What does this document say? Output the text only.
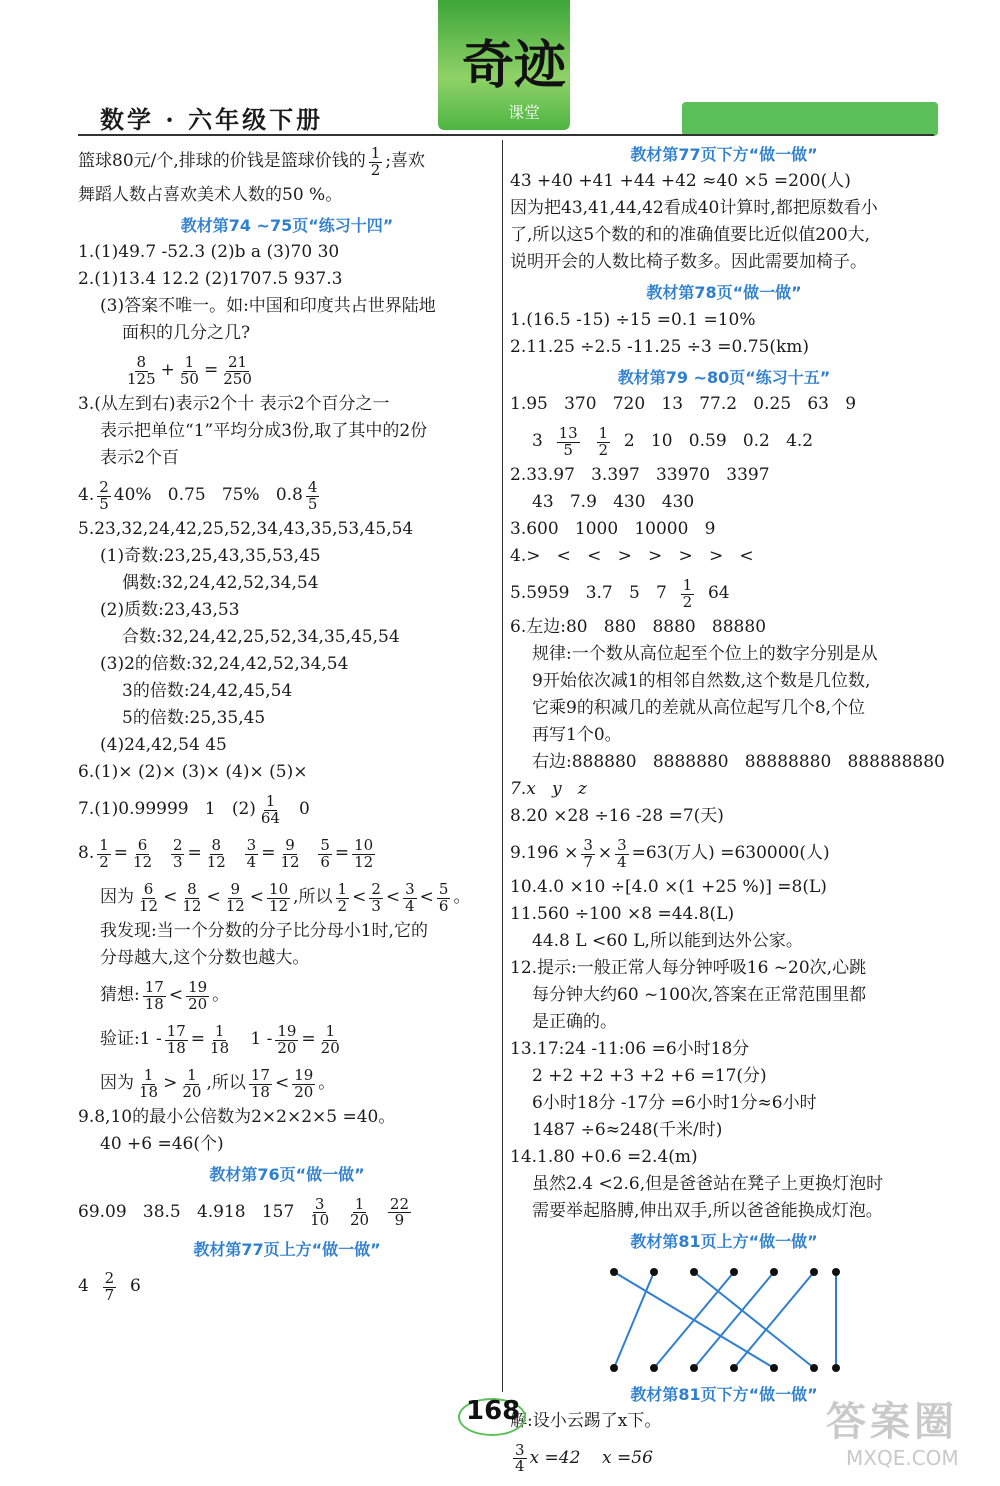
数学 · 六年级下册
奇迹
课堂
篮球80元/个,排球的价钱是篮球价钱的 1
2 ;喜欢
舞蹈人数占喜欢美术人数的50 %。
教材第74 ~75页“练习十四”
1.(1)49.7 -52.3 (2)b a (3)70 30
2.(1)13.4 12.2 (2)1707.5 937.3
(3)答案不唯一。如:中国和印度共占世界陆地
面积的几分之几?
8
$125 + \frac{1}{50} = \frac{21}{250}$
3.(从左到右)表示2个十 表示2个百分之一
表示把单位“1”平均分成3份,取了其中的2份
表示2个百
4. 2
5 40%   0.75   75%   0.8 4
5
5.23,32,24,42,25,52,34,43,35,53,45,54
(1)奇数:23,25,43,35,53,45
偶数:32,24,42,52,34,54
(2)质数:23,43,53
合数:32,24,42,25,52,34,35,45,54
(3)2的倍数:32,24,42,52,34,54
3的倍数:24,42,45,54
5的倍数:25,35,45
(4)24,42,54 45
6.(1)× (2)× (3)× (4)× (5)×
7.(1)0.99999   1   (2) 1
64 0
8. $\frac{1}{2} = \frac{6}{12}$
$\frac{2}{3} = \frac{8}{12}$
$\frac{3}{4} = \frac{9}{12}$
$\frac{5}{6} = \frac{10}{12}$
因为 6
12 < 8
12 < 9
12 < 10
12 ,所以 1
2 < 2
3 < 3
4 < 5
6 。
我发现:当一个分数的分子比分母小1时,它的
分母越大,这个分数也越大。
猜想: 17
18 < 19
20 。
验证:1 - $\frac{17}{18} = \frac{1}{18}$
$1 - \frac{19}{20} = \frac{1}{20}$
因为 1
18 > 1
20 ,所以 17
18 < 19
20 。
9.8,10的最小公倍数为2×2×2×5 =40。
40 +6 =46(个)
教材第76页“做一做”
69.09   38.5   4.918   157
3
10

1
20

22
9
教材第77页上方“做一做”
4
2
7
6
教材第77页下方“做一做”
43 +40 +41 +44 +42 ≈40 ×5 =200(人)
因为把43,41,44,42看成40计算时,都把原数看小
了,所以这5个数的和的准确值要比近似值200大,
说明开会的人数比椅子数多。因此需要加椅子。
教材第78页“做一做”
1.(16.5 -15) ÷15 =0.1 =10%
2.11.25 ÷2.5 -11.25 ÷3 =0.75(km)
教材第79 ~80页“练习十五”
1.95   370   720   13   77.2   0.25   63   9
3
13
5

1
2
2   10   0.59   0.2   4.2
2.33.97   3.397   33970   3397
43   7.9   430   430
3.600   1000   10000   9
4.>   <   <   >   >   >   >   <
5.5959   3.7   5   7
1
2
64
6.左边:80   880   8880   88880
规律:一个数从高位起至个位上的数字分别是从
9开始依次减1的相邻自然数,这个数是几位数,
它乘9的积减几的差就从高位起写几个8,个位
再写1个0。
右边:888880   8888880   88888880   888888880
7.x   y   z
8.20 ×28 ÷16 -28 =7(天)
$9.196 \times \frac{3}{7} \times \frac{3}{4} =63$(万人) =630000(人)
10.4.0 ×10 ÷[4.0 ×(1 +25 %)] =8(L)
11.560 ÷100 ×8 =44.8(L)
44.8 L <60 L,所以能到达外公家。
12.提示:一般正常人每分钟呼吸16 ~20次,心跳
每分钟大约60 ~100次,答案在正常范围里都
是正确的。
13.17:24 -11:06 =6小时18分
2 +2 +2 +3 +2 +6 =17(分)
6小时18分 -17分 =6小时1分≈6小时
1487 ÷6≈248(千米/时)
14.1.80 +0.6 =2.4(m)
虽然2.4 <2.6,但是爸爸站在凳子上更换灯泡时
需要举起胳膊,伸出双手,所以爸爸能换成灯泡。
教材第81页上方“做一做”
教材第81页下方“做一做”
解:设小云踢了x下。
3
4 x =42
x =56
168	答案圈
MXQE.COM
